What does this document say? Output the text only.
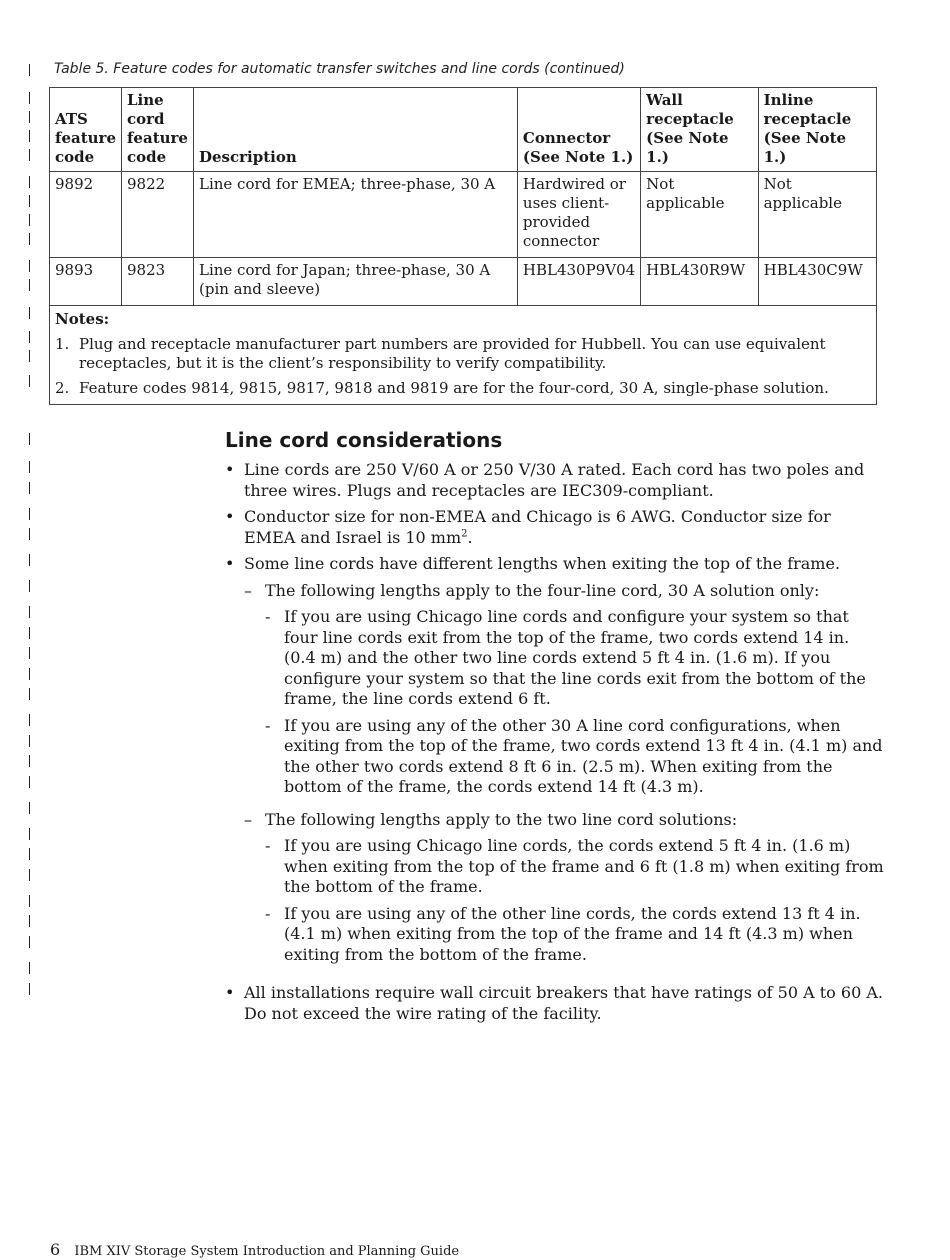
Table 5. Feature codes for automatic transfer switches and line cords (continued)
ATS feature code	Line cord feature code	Description	Connector (See Note 1.)	Wall receptacle (See Note 1.)	Inline receptacle (See Note 1.)
9892	9822	Line cord for EMEA; three-phase, 30 A	Hardwired or uses client-provided connector	Not applicable	Not applicable
9893	9823	Line cord for Japan; three-phase, 30 A (pin and sleeve)	HBL430P9V04	HBL430R9W	HBL430C9W

Notes:
1. Plug and receptacle manufacturer part numbers are provided for Hubbell. You can use equivalent receptacles, but it is the client’s responsibility to verify compatibility.
2. Feature codes 9814, 9815, 9817, 9818 and 9819 are for the four-cord, 30 A, single-phase solution.					
Line cord considerations
• Line cords are 250 V/60 A or 250 V/30 A rated. Each cord has two poles and three wires. Plugs and receptacles are IEC309-compliant.
• Conductor size for non-EMEA and Chicago is 6 AWG. Conductor size for EMEA and Israel is 10 $mm^2$.
• Some line cords have different lengths when exiting the top of the frame.
– The following lengths apply to the four-line cord, 30 A solution only:
- If you are using Chicago line cords and configure your system so that four line cords exit from the top of the frame, two cords extend 14 in. (0.4 m) and the other two line cords extend 5 ft 4 in. (1.6 m). If you configure your system so that the line cords exit from the bottom of the frame, the line cords extend 6 ft.
- If you are using any of the other 30 A line cord configurations, when exiting from the top of the frame, two cords extend 13 ft 4 in. (4.1 m) and the other two cords extend 8 ft 6 in. (2.5 m). When exiting from the bottom of the frame, the cords extend 14 ft (4.3 m).
– The following lengths apply to the two line cord solutions:
- If you are using Chicago line cords, the cords extend 5 ft 4 in. (1.6 m) when exiting from the top of the frame and 6 ft (1.8 m) when exiting from the bottom of the frame.
- If you are using any of the other line cords, the cords extend 13 ft 4 in. (4.1 m) when exiting from the top of the frame and 14 ft (4.3 m) when exiting from the bottom of the frame.
• All installations require wall circuit breakers that have ratings of 50 A to 60 A. Do not exceed the wire rating of the facility.
6 IBM XIV Storage System Introduction and Planning Guide
